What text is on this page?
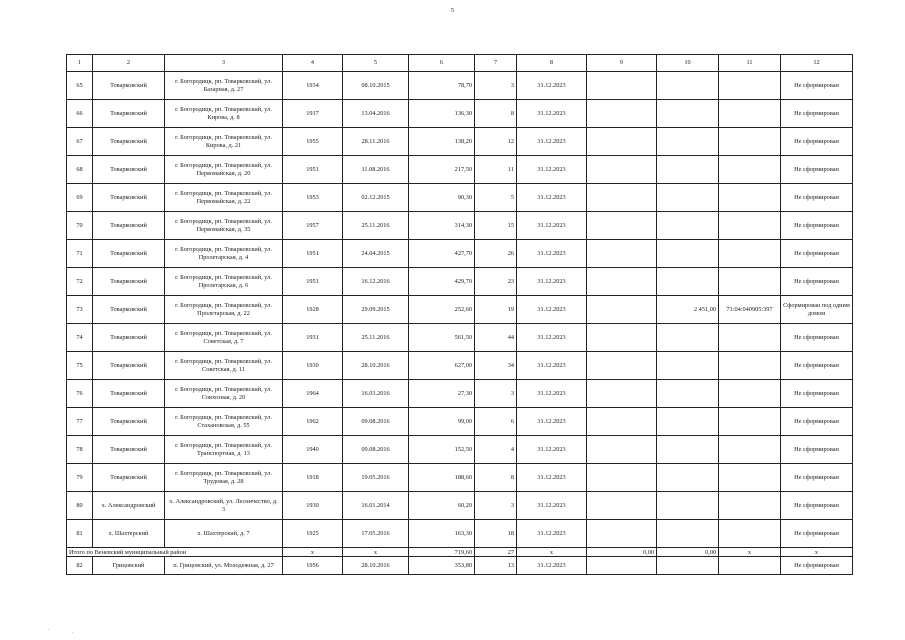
5
.	.
1	2	3	4	5	6	7	8	9	10	11	12
65	Товарковский	г. Богородицк, рп. Товарковский, ул. Базарная, д. 27	1934	08.10.2015	78,70	3	31.12.2023				Не сформирован
66	Товарковский	г. Богородицк, рп. Товарковский, ул. Кирова, д. 8	1917	13.04.2016	136,30	8	31.12.2023				Не сформирован
67	Товарковский	г. Богородицк, рп. Товарковский, ул. Кирова, д. 21	1955	28.11.2016	138,20	12	31.12.2023				Не сформирован
68	Товарковский	г. Богородицк, рп. Товарковский, ул. Первомайская, д. 20	1951	11.08.2016	217,50	11	31.12.2023				Не сформирован
69	Товарковский	г. Богородицк, рп. Товарковский, ул. Первомайская, д. 22	1953	02.12.2015	90,30	5	31.12.2023				Не сформирован
70	Товарковский	г. Богородицк, рп. Товарковский, ул. Первомайская, д. 35	1957	25.11.2016	314,30	15	31.12.2023				Не сформирован
71	Товарковский	г. Богородицк, рп. Товарковский, ул. Пролетарская, д. 4	1951	24.04.2015	427,70	26	31.12.2023				Не сформирован
72	Товарковский	г. Богородицк, рп. Товарковский, ул. Пролетарская, д. 6	1951	16.12.2016	429,70	23	31.12.2023				Не сформирован
73	Товарковский	г. Богородицк, рп. Товарковский, ул. Пролетарская, д. 22	1928	29.09.2015	252,60	19	31.12.2023		2 451,00	71:04:040905:397	Сформирован под одним домом
74	Товарковский	г. Богородицк, рп. Товарковский, ул. Советская, д. 7	1931	25.11.2016	561,50	44	31.12.2023				Не сформирован
75	Товарковский	г. Богородицк, рп. Товарковский, ул. Советская, д. 11	1930	28.10.2016	627,00	34	31.12.2023				Не сформирован
76	Товарковский	г. Богородицк, рп. Товарковский, ул. Совхозная, д. 20	1964	16.03.2016	27,30	3	31.12.2023				Не сформирован
77	Товарковский	г. Богородицк, рп. Товарковский, ул. Стахановская, д. 55	1962	09.08.2016	99,00	6	31.12.2023				Не сформирован
78	Товарковский	г. Богородицк, рп. Товарковский, ул. Транспортная, д. 13	1940	09.08.2016	152,50	4	31.12.2023				Не сформирован
79	Товарковский	г. Богородицк, рп. Товарковский, ул. Трудовая, д. 28	1918	19.05.2016	188,60	8	31.12.2023				Не сформирован
80	х. Александровский	х. Александровский, ул. Лесничество, д. 3	1930	16.01.2014	60,20	3	31.12.2023				Не сформирован
81	х. Шахтерский	х. Шахтерский, д. 7	1925	17.05.2016	163,30	18	31.12.2023				Не сформирован
Итого по Веневский муниципальный район			х	х	719,60	27	х	0,00	0,00	х	х
82	Грицовский	п. Грицовский, ул. Молодежная, д. 27	1956	28.10.2016	353,80	13	31.12.2023				Не сформирован
